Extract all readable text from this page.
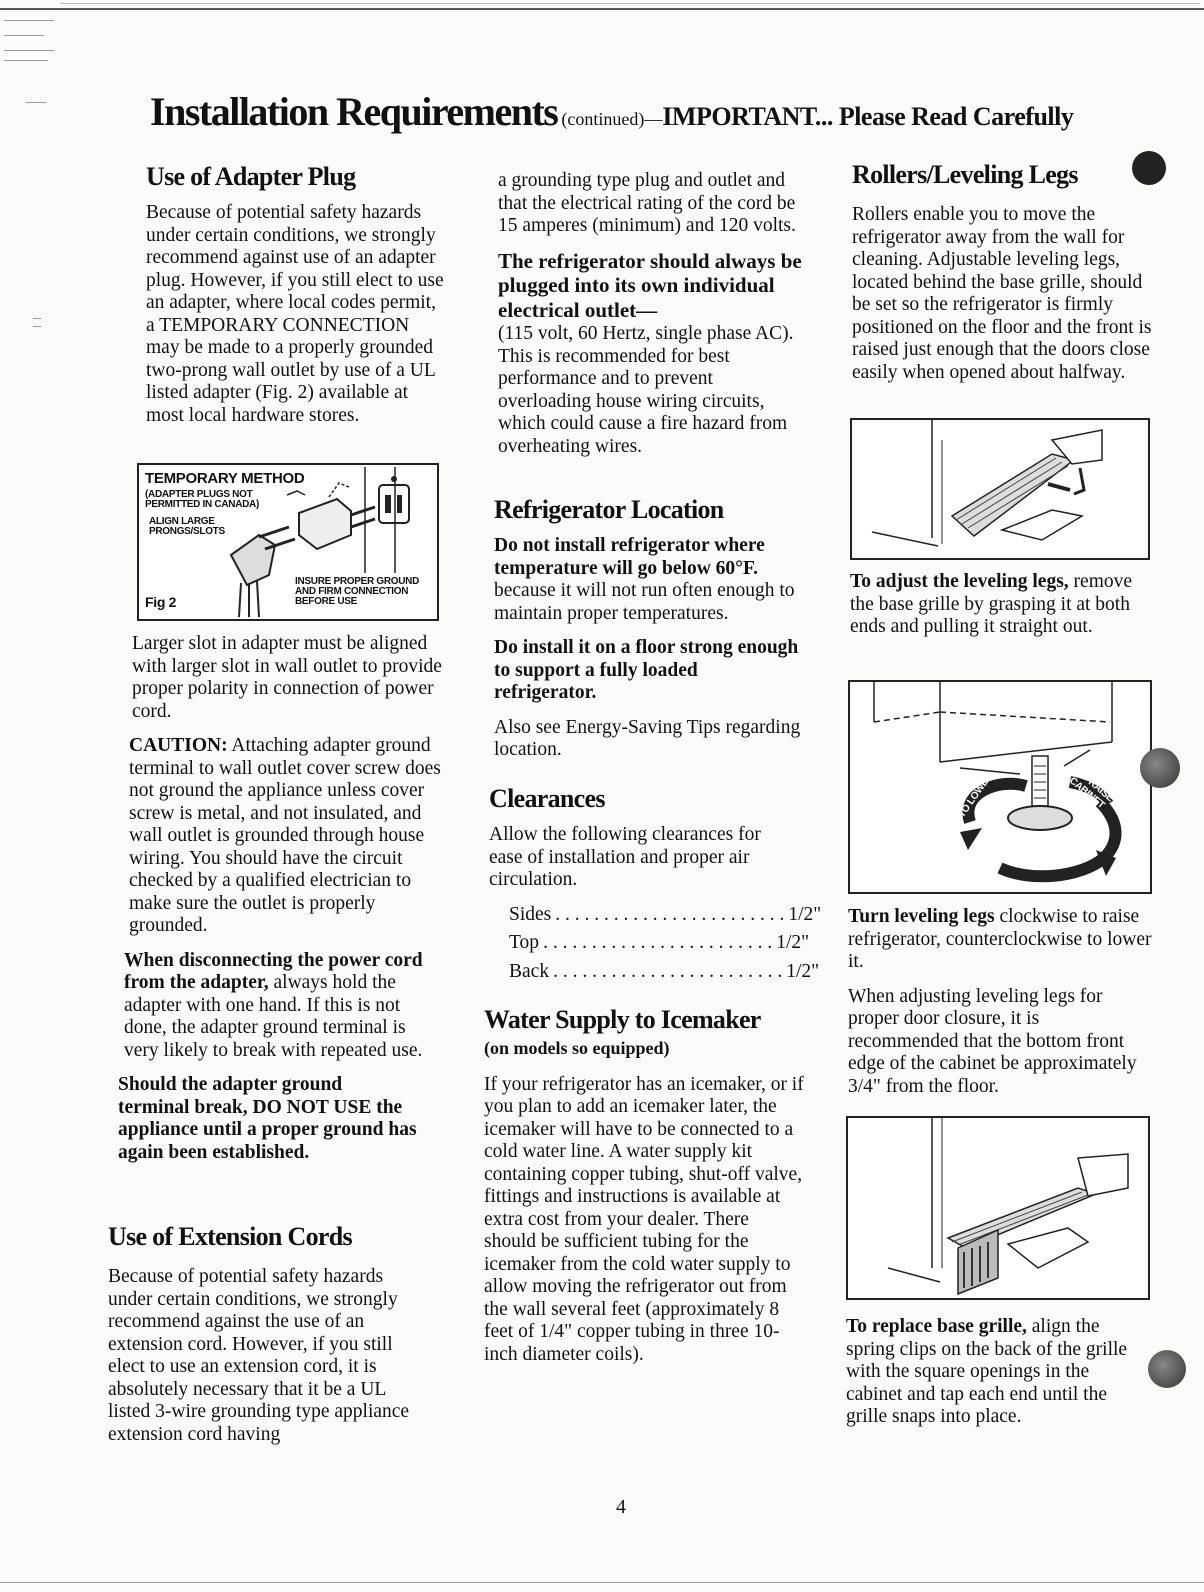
Installation Requirements (continued)—IMPORTANT... Please Read Carefully
Use of Adapter Plug

Because of potential safety hazards under certain conditions, we strongly recommend against use of an adapter plug. However, if you still elect to use an adapter, where local codes permit, a TEMPORARY CONNECTION may be made to a properly grounded two-prong wall outlet by use of a UL listed adapter (Fig. 2) available at most local hardware stores.

TEMPORARY METHOD
(ADAPTER PLUGS NOT PERMITTED IN CANADA)
ALIGN LARGE PRONGS/SLOTS
INSURE PROPER GROUND AND FIRM CONNECTION BEFORE USE
Fig 2

Larger slot in adapter must be aligned with larger slot in wall outlet to provide proper polarity in connection of power cord.

CAUTION: Attaching adapter ground terminal to wall outlet cover screw does not ground the appliance unless cover screw is metal, and not insulated, and wall outlet is grounded through house wiring. You should have the circuit checked by a qualified electrician to make sure the outlet is properly grounded.

When disconnecting the power cord from the adapter, always hold the adapter with one hand. If this is not done, the adapter ground terminal is very likely to break with repeated use.

Should the adapter ground terminal break, DO NOT USE the appliance until a proper ground has again been established.

Use of Extension Cords

Because of potential safety hazards under certain conditions, we strongly recommend against the use of an extension cord. However, if you still elect to use an extension cord, it is absolutely necessary that it be a UL listed 3-wire grounding type appliance extension cord having

a grounding type plug and outlet and that the electrical rating of the cord be 15 amperes (minimum) and 120 volts.

The refrigerator should always be plugged into its own individual electrical outlet—
(115 volt, 60 Hertz, single phase AC). This is recommended for best performance and to prevent overloading house wiring circuits, which could cause a fire hazard from overheating wires.

Refrigerator Location

Do not install refrigerator where temperature will go below 60°F. because it will not run often enough to maintain proper temperatures.

Do install it on a floor strong enough to support a fully loaded refrigerator.

Also see Energy-Saving Tips regarding location.

Clearances

Allow the following clearances for ease of installation and proper air circulation.

Sides . . . . . . . . . . . . . . . . . . . . . . . . 1/2"
Top . . . . . . . . . . . . . . . . . . . . . . . . 1/2"
Back . . . . . . . . . . . . . . . . . . . . . . . . 1/2"
Water Supply to Icemaker

(on models so equipped)

If your refrigerator has an icemaker, or if you plan to add an icemaker later, the icemaker will have to be connected to a cold water line. A water supply kit containing copper tubing, shut-off valve, fittings and instructions is available at extra cost from your dealer. There should be sufficient tubing for the icemaker from the cold water supply to allow moving the refrigerator out from the wall several feet (approximately 8 feet of 1/4" copper tubing in three 10-inch diameter coils).

Rollers/Leveling Legs

Rollers enable you to move the refrigerator away from the wall for cleaning. Adjustable leveling legs, located behind the base grille, should be set so the refrigerator is firmly positioned on the floor and the front is raised just enough that the doors close easily when opened about halfway.

To adjust the leveling legs, remove the base grille by grasping it at both ends and pulling it straight out.

TO LOWER	TO RAISE CABINET

Turn leveling legs clockwise to raise refrigerator, counterclockwise to lower it.

When adjusting leveling legs for proper door closure, it is recommended that the bottom front edge of the cabinet be approximately 3/4" from the floor.

To replace base grille, align the spring clips on the back of the grille with the square openings in the cabinet and tap each end until the grille snaps into place.

4
